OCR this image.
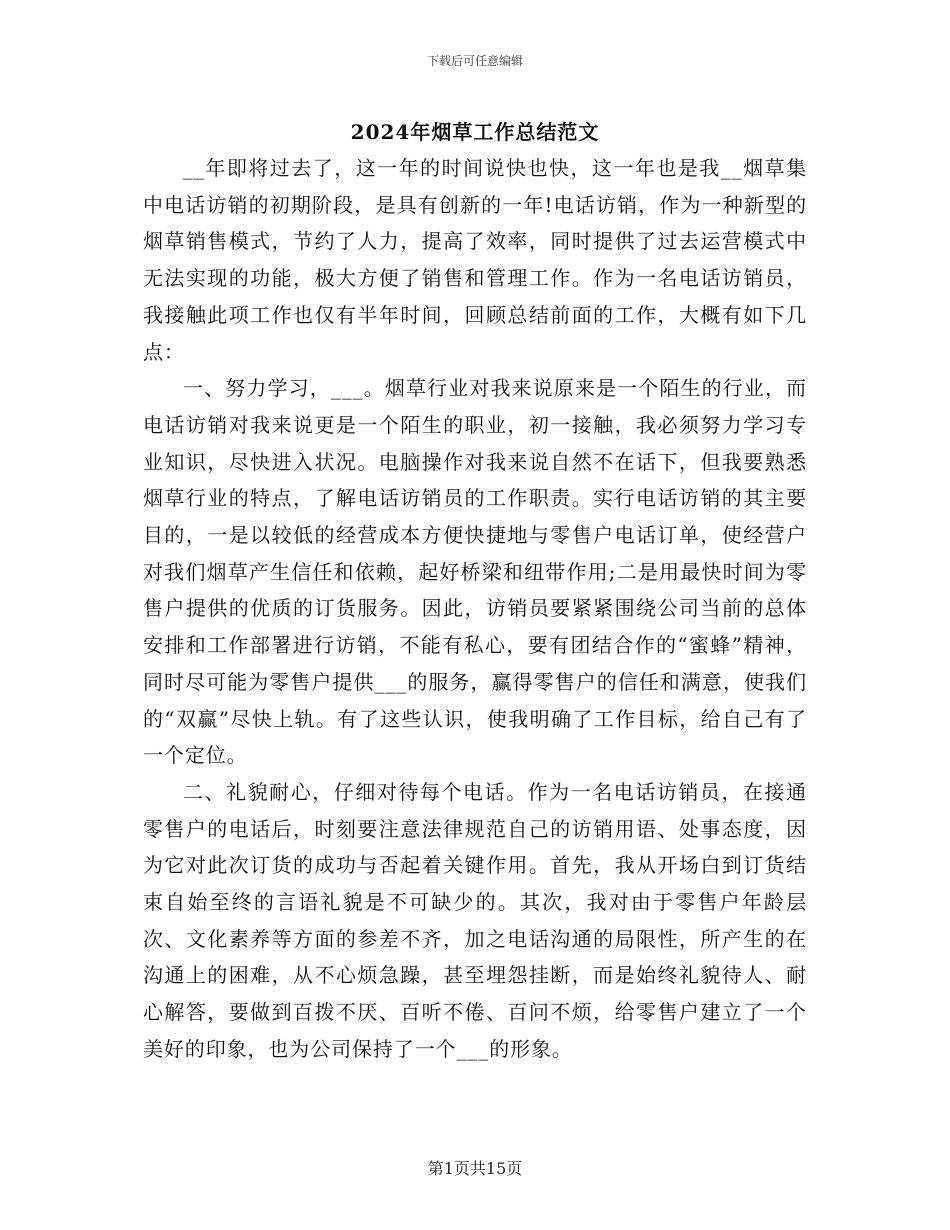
下载后可任意编辑
2024年烟草工作总结范文

__年即将过去了，这一年的时间说快也快，这一年也是我__烟草集中电话访销的初期阶段，是具有创新的一年!电话访销，作为一种新型的烟草销售模式，节约了人力，提高了效率，同时提供了过去运营模式中无法实现的功能，极大方便了销售和管理工作。作为一名电话访销员，我接触此项工作也仅有半年时间，回顾总结前面的工作，大概有如下几点：

一、努力学习，___。烟草行业对我来说原来是一个陌生的行业，而电话访销对我来说更是一个陌生的职业，初一接触，我必须努力学习专业知识，尽快进入状况。电脑操作对我来说自然不在话下，但我要熟悉烟草行业的特点，了解电话访销员的工作职责。实行电话访销的其主要目的，一是以较低的经营成本方便快捷地与零售户电话订单，使经营户对我们烟草产生信任和依赖，起好桥梁和纽带作用;二是用最快时间为零售户提供的优质的订货服务。因此，访销员要紧紧围绕公司当前的总体安排和工作部署进行访销，不能有私心，要有团结合作的“蜜蜂”精神，同时尽可能为零售户提供___的服务，赢得零售户的信任和满意，使我们的“双赢”尽快上轨。有了这些认识，使我明确了工作目标，给自己有了一个定位。

二、礼貌耐心，仔细对待每个电话。作为一名电话访销员，在接通零售户的电话后，时刻要注意法律规范自己的访销用语、处事态度，因为它对此次订货的成功与否起着关键作用。首先，我从开场白到订货结束自始至终的言语礼貌是不可缺少的。其次，我对由于零售户年龄层次、文化素养等方面的参差不齐，加之电话沟通的局限性，所产生的在沟通上的困难，从不心烦急躁，甚至埋怨挂断，而是始终礼貌待人、耐心解答，要做到百拨不厌、百听不倦、百问不烦，给零售户建立了一个美好的印象，也为公司保持了一个___的形象。

第1页共15页
